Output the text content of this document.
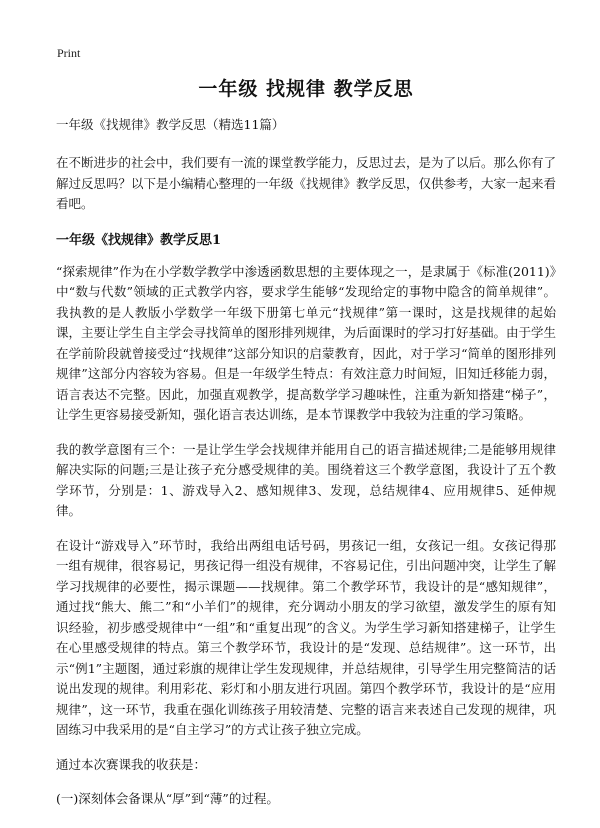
Print
一年级 找规律 教学反思
一年级《找规律》教学反思（精选11篇）

在不断进步的社会中，我们要有一流的课堂教学能力，反思过去，是为了以后。那么你有了解过反思吗？以下是小编精心整理的一年级《找规律》教学反思，仅供参考，大家一起来看看吧。

一年级《找规律》教学反思1

“探索规律”作为在小学数学教学中渗透函数思想的主要体现之一，是隶属于《标准(2011)》中“数与代数”领域的正式教学内容，要求学生能够“发现给定的事物中隐含的简单规律”。我执教的是人教版小学数学一年级下册第七单元“找规律”第一课时，这是找规律的起始课，主要让学生自主学会寻找简单的图形排列规律，为后面课时的学习打好基础。由于学生在学前阶段就曾接受过“找规律”这部分知识的启蒙教育，因此，对于学习“简单的图形排列规律”这部分内容较为容易。但是一年级学生特点：有效注意力时间短，旧知迁移能力弱，语言表达不完整。因此，加强直观教学，提高数学学习趣味性，注重为新知搭建“梯子”，让学生更容易接受新知，强化语言表达训练，是本节课教学中我较为注重的学习策略。

我的教学意图有三个：一是让学生学会找规律并能用自己的语言描述规律;二是能够用规律解决实际的问题;三是让孩子充分感受规律的美。围绕着这三个教学意图，我设计了五个教学环节，分别是：1、游戏导入2、感知规律3、发现，总结规律4、应用规律5、延伸规律。

在设计“游戏导入”环节时，我给出两组电话号码，男孩记一组，女孩记一组。女孩记得那一组有规律，很容易记，男孩记得一组没有规律，不容易记住，引出问题冲突，让学生了解学习找规律的必要性，揭示课题——找规律。第二个教学环节，我设计的是“感知规律”，通过找“熊大、熊二”和“小羊们”的规律，充分调动小朋友的学习欲望，激发学生的原有知识经验，初步感受规律中“一组”和“重复出现”的含义。为学生学习新知搭建梯子，让学生在心里感受规律的特点。第三个教学环节，我设计的是“发现、总结规律”。这一环节，出示“例1”主题图，通过彩旗的规律让学生发现规律，并总结规律，引导学生用完整简洁的话说出发现的规律。利用彩花、彩灯和小朋友进行巩固。第四个教学环节，我设计的是“应用规律”，这一环节，我重在强化训练孩子用较清楚、完整的语言来表述自己发现的规律，巩固练习中我采用的是“自主学习”的方式让孩子独立完成。

通过本次赛课我的收获是：

(一)深刻体会备课从“厚”到“薄”的过程。
